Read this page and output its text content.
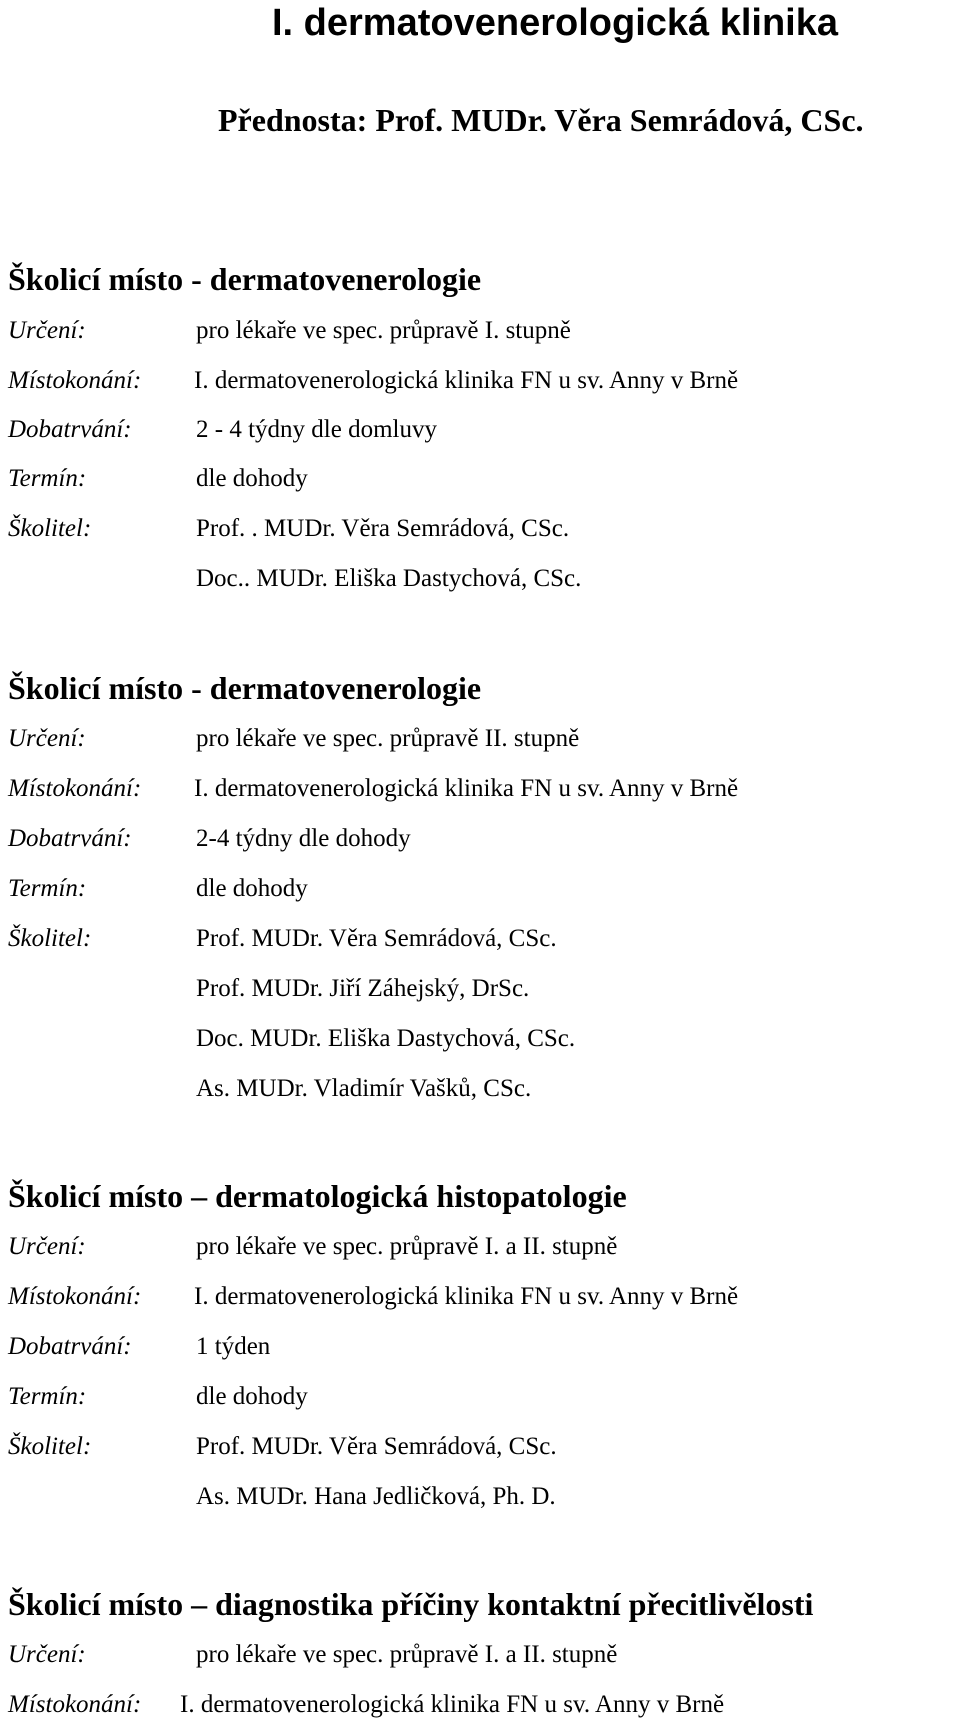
I. dermatovenerologická klinika
Přednosta: Prof. MUDr. Věra Semrádová, CSc.
Školicí místo - dermatovenerologie
Určení:	pro lékaře ve spec. průpravě I. stupně
Místokonání: I. dermatovenerologická klinika FN u sv. Anny v Brně
Dobatrvání:	2 - 4 týdny dle domluvy
Termín:	dle dohody
Školitel:	Prof. . MUDr. Věra Semrádová, CSc.
Doc.. MUDr. Eliška Dastychová, CSc.
Školicí místo - dermatovenerologie
Určení:	pro lékaře ve spec. průpravě II. stupně
Místokonání: I. dermatovenerologická klinika FN u sv. Anny v Brně
Dobatrvání:	2-4 týdny dle dohody
Termín:	dle dohody
Školitel:	Prof. MUDr. Věra Semrádová, CSc.
Prof. MUDr. Jiří Záhejský, DrSc.
Doc. MUDr. Eliška Dastychová, CSc.
As. MUDr. Vladimír Vašků, CSc.
Školicí místo – dermatologická histopatologie
Určení:	pro lékaře ve spec. průpravě I. a II. stupně
Místokonání: I. dermatovenerologická klinika FN u sv. Anny v Brně
Dobatrvání:	1 týden
Termín:	dle dohody
Školitel:	Prof. MUDr. Věra Semrádová, CSc.
As. MUDr. Hana Jedličková, Ph. D.
Školicí místo – diagnostika příčiny kontaktní přecitlivělosti
Určení:	pro lékaře ve spec. průpravě I. a II. stupně
Místokonání: I. dermatovenerologická klinika FN u sv. Anny v Brně
